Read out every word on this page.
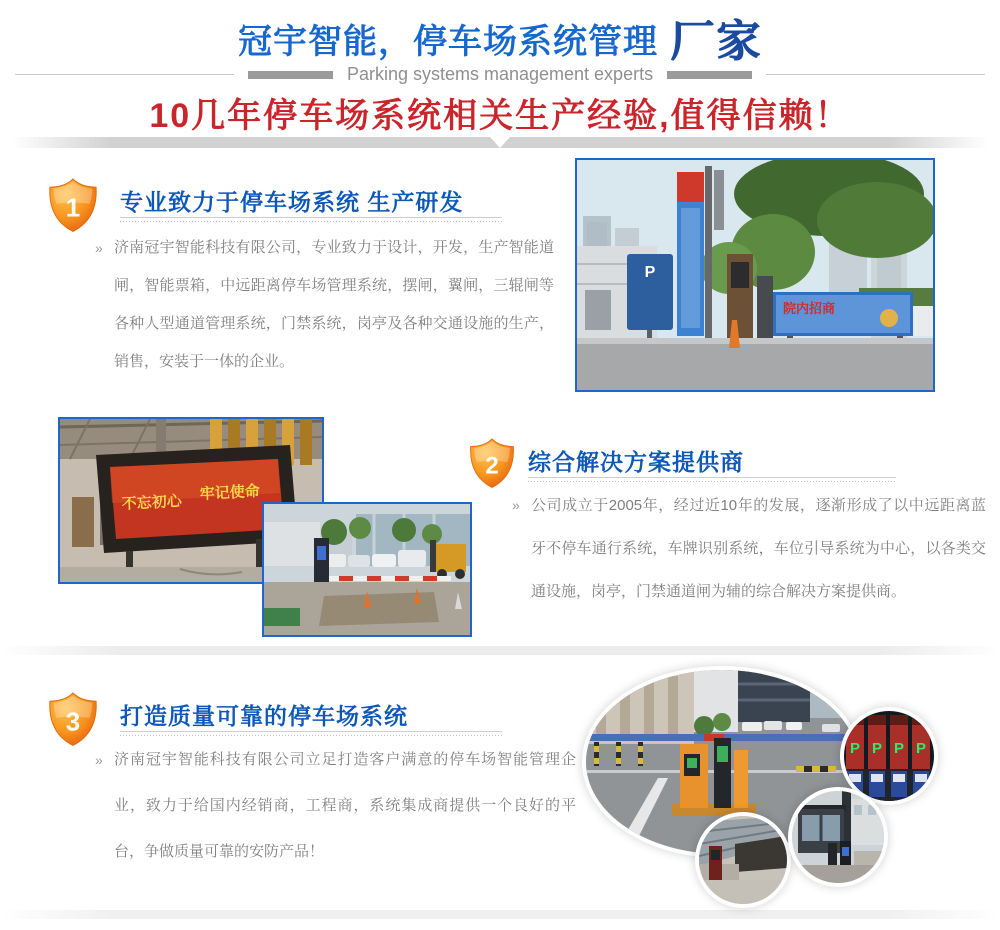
冠宇智能，停车场系统管理 厂家
Parking systems management experts
10几年停车场系统相关生产经验,值得信赖！
1 专业致力于停车场系统 生产研发
» 济南冠宇智能科技有限公司，专业致力于设计，开发，生产智能道闸，智能票箱，中远距离停车场管理系统，摆闸，翼闸，三辊闸等各种人型通道管理系统，门禁系统，岗亭及各种交通设施的生产，销售，安装于一体的企业。
P
院内招商
不忘初心 牢记使命
2 综合解决方案提供商
» 公司成立于2005年，经过近10年的发展，逐渐形成了以中远距离蓝牙不停车通行系统，车牌识别系统，车位引导系统为中心，以各类交通设施，岗亭，门禁通道闸为辅的综合解决方案提供商。
3 打造质量可靠的停车场系统
» 济南冠宇智能科技有限公司立足打造客户满意的停车场智能管理企业，致力于给国内经销商，工程商，系统集成商提供一个良好的平台，争做质量可靠的安防产品！
P P P P
